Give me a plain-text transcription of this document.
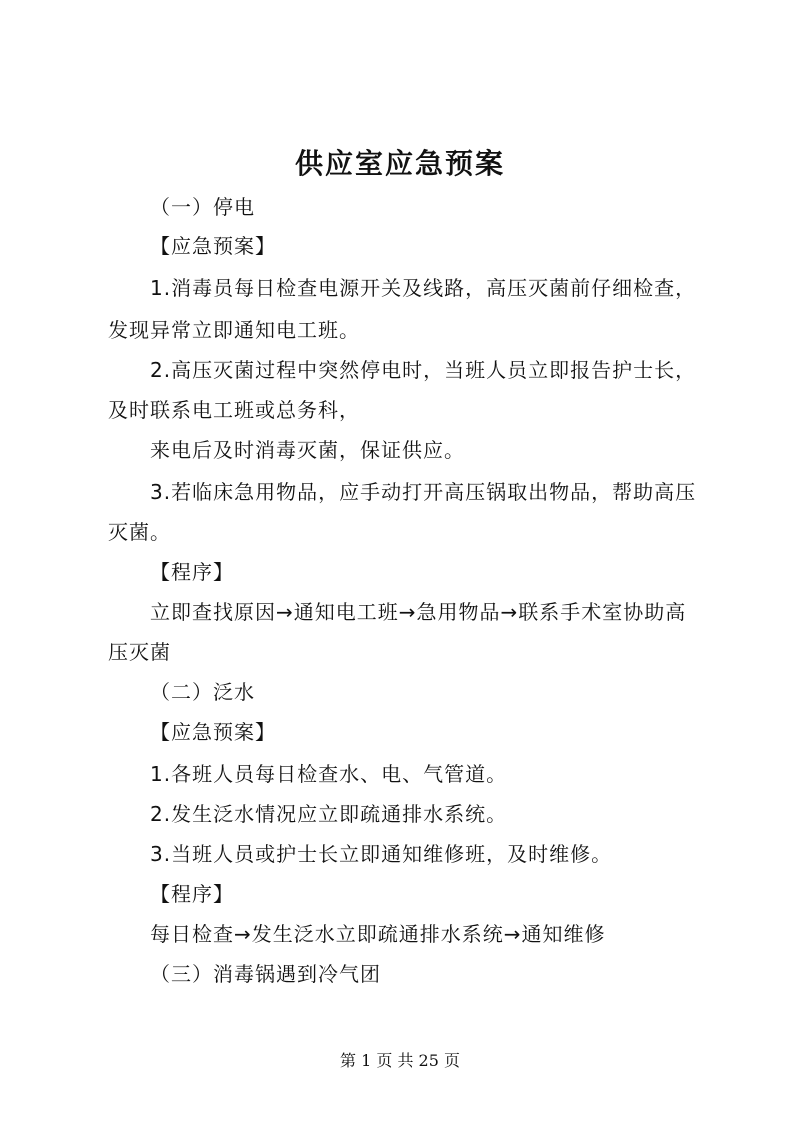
供应室应急预案
（一）停电
【应急预案】
1.消毒员每日检查电源开关及线路，高压灭菌前仔细检查，
发现异常立即通知电工班。
2.高压灭菌过程中突然停电时，当班人员立即报告护士长，
及时联系电工班或总务科，
来电后及时消毒灭菌，保证供应。
3.若临床急用物品，应手动打开高压锅取出物品，帮助高压
灭菌。
【程序】
立即查找原因→通知电工班→急用物品→联系手术室协助高
压灭菌
（二）泛水
【应急预案】
1.各班人员每日检查水、电、气管道。
2.发生泛水情况应立即疏通排水系统。
3.当班人员或护士长立即通知维修班，及时维修。
【程序】
每日检查→发生泛水立即疏通排水系统→通知维修
（三）消毒锅遇到冷气团
第 1 页 共 25 页
